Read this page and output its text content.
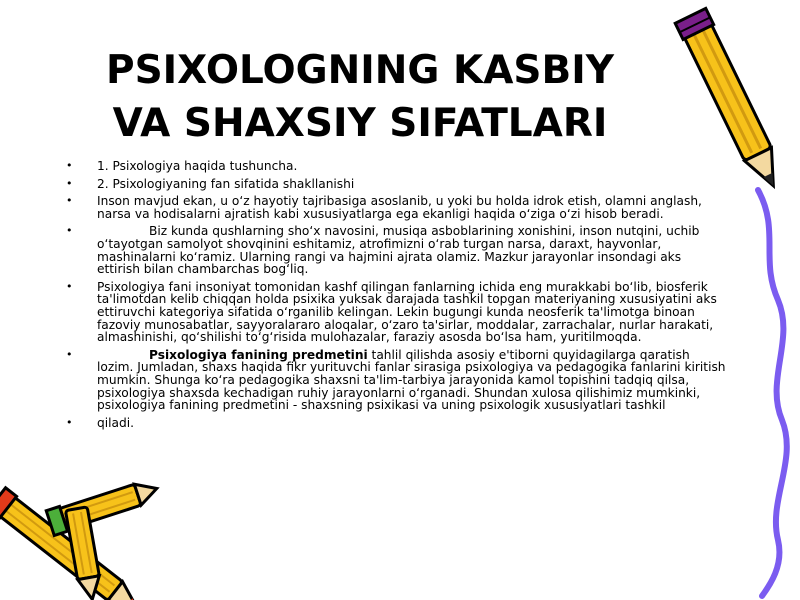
PSIXOLOGNING KASBIY
VA SHAXSIY SIFATLARI
• 1. Psixologiya haqida tushuncha.
• 2. Psixologiyaning fan sifatida shakllanishi
• Inson mavjud ekan, u o‘z hayotiy tajribasiga asoslanib, u yoki bu holda idrok etish, olamni anglash, narsa va hodisalarni ajratish kabi xususiyatlarga ega ekanligi haqida o‘ziga o‘zi hisob beradi.
•	Biz kunda qushlarning sho‘x navosini, musiqa asboblarining xonishini, inson nutqini, uchib o‘tayotgan samolyot shovqinini eshitamiz, atrofimizni o‘rab turgan narsa, daraxt, hayvonlar, mashinalarni ko‘ramiz. Ularning rangi va hajmini ajrata olamiz. Mazkur jarayonlar insondagi aks ettirish bilan chambarchas bog‘liq.
• Psixologiya fani insoniyat tomonidan kashf qilingan fanlarning ichida eng murakkabi bo‘lib, biosferik ta'limotdan kelib chiqqan holda psixika yuksak darajada tashkil topgan materiyaning xususiyatini aks ettiruvchi kategoriya sifatida o‘rganilib kelingan. Lekin bugungi kunda neosferik ta'limotga binoan fazoviy munosabatlar, sayyoralararo aloqalar, o‘zaro ta'sirlar, moddalar, zarrachalar, nurlar harakati, almashinishi, qo‘shilishi to‘g‘risida mulohazalar, faraziy asosda bo‘lsa ham, yuritilmoqda.
•	Psixologiya fanining predmetini tahlil qilishda asosiy e'tiborni quyidagilarga qaratish lozim. Jumladan, shaxs haqida fikr yurituvchi fanlar sirasiga psixologiya va pedagogika fanlarini kiritish mumkin. Shunga ko‘ra pedagogika shaxsni ta'lim-tarbiya jarayonida kamol topishini tadqiq qilsa, psixologiya shaxsda kechadigan ruhiy jarayonlarni o‘rganadi. Shundan xulosa qilishimiz mumkinki, psixologiya fanining predmetini - shaxsning psixikasi va uning psixologik xususiyatlari tashkil
• qiladi.
